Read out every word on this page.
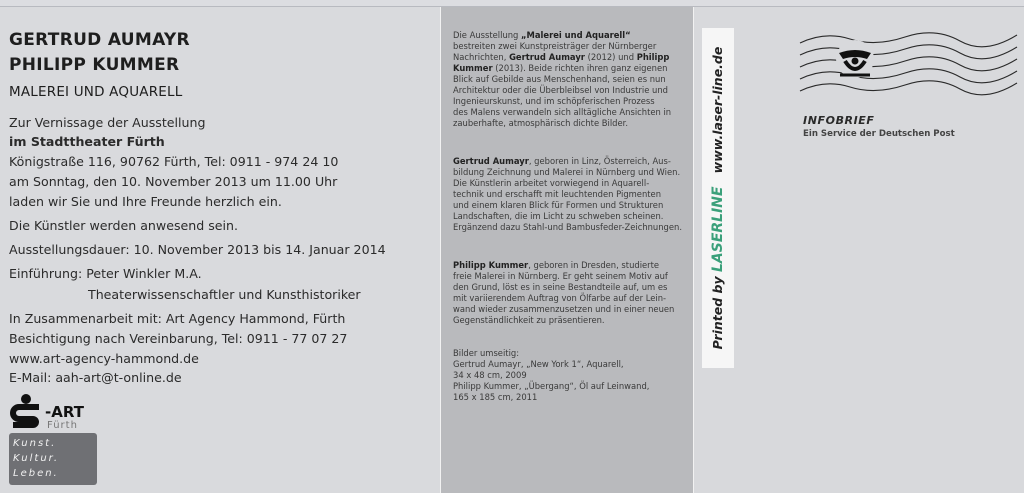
GERTRUD AUMAYR
PHILIPP KUMMER
MALEREI UND AQUARELL
Zur Vernissage der Ausstellung
im Stadttheater Fürth
Königstraße 116, 90762 Fürth, Tel: 0911 - 974 24 10
am Sonntag, den 10. November 2013 um 11.00 Uhr
laden wir Sie und Ihre Freunde herzlich ein.
Die Künstler werden anwesend sein.
Ausstellungsdauer: 10. November 2013 bis 14. Januar 2014
Einführung: Peter Winkler M.A.
Theaterwissenschaftler und Kunsthistoriker
In Zusammenarbeit mit: Art Agency Hammond, Fürth
Besichtigung nach Vereinbarung, Tel: 0911 - 77 07 27
www.art-agency-hammond.de
E-Mail: aah-art@t-online.de
-ART
Fürth
Kunst.
Kultur.
Leben.
Die Ausstellung „Malerei und Aquarell“
bestreiten zwei Kunstpreisträger der Nürnberger
Nachrichten, Gertrud Aumayr (2012) und Philipp
Kummer (2013). Beide richten ihren ganz eigenen
Blick auf Gebilde aus Menschenhand, seien es nun
Architektur oder die Überbleibsel von Industrie und
Ingenieurskunst, und im schöpferischen Prozess
des Malens verwandeln sich alltägliche Ansichten in
zauberhafte, atmosphärisch dichte Bilder.
Gertrud Aumayr, geboren in Linz, Österreich, Aus-
bildung Zeichnung und Malerei in Nürnberg und Wien.
Die Künstlerin arbeitet vorwiegend in Aquarell-
technik und erschafft mit leuchtenden Pigmenten
und einem klaren Blick für Formen und Strukturen
Landschaften, die im Licht zu schweben scheinen.
Ergänzend dazu Stahl-und Bambusfeder-Zeichnungen.
Philipp Kummer, geboren in Dresden, studierte
freie Malerei in Nürnberg. Er geht seinem Motiv auf
den Grund, löst es in seine Bestandteile auf, um es
mit variierendem Auftrag von Ölfarbe auf der Lein-
wand wieder zusammenzusetzen und in einer neuen
Gegenständlichkeit zu präsentieren.
Bilder umseitig:
Gertrud Aumayr, „New York 1“, Aquarell,
34 x 48 cm, 2009
Philipp Kummer, „Übergang“, Öl auf Leinwand,
165 x 185 cm, 2011
Printed by LASERLINE   www.laser-line.de	INFOBRIEF
Ein Service der Deutschen Post
